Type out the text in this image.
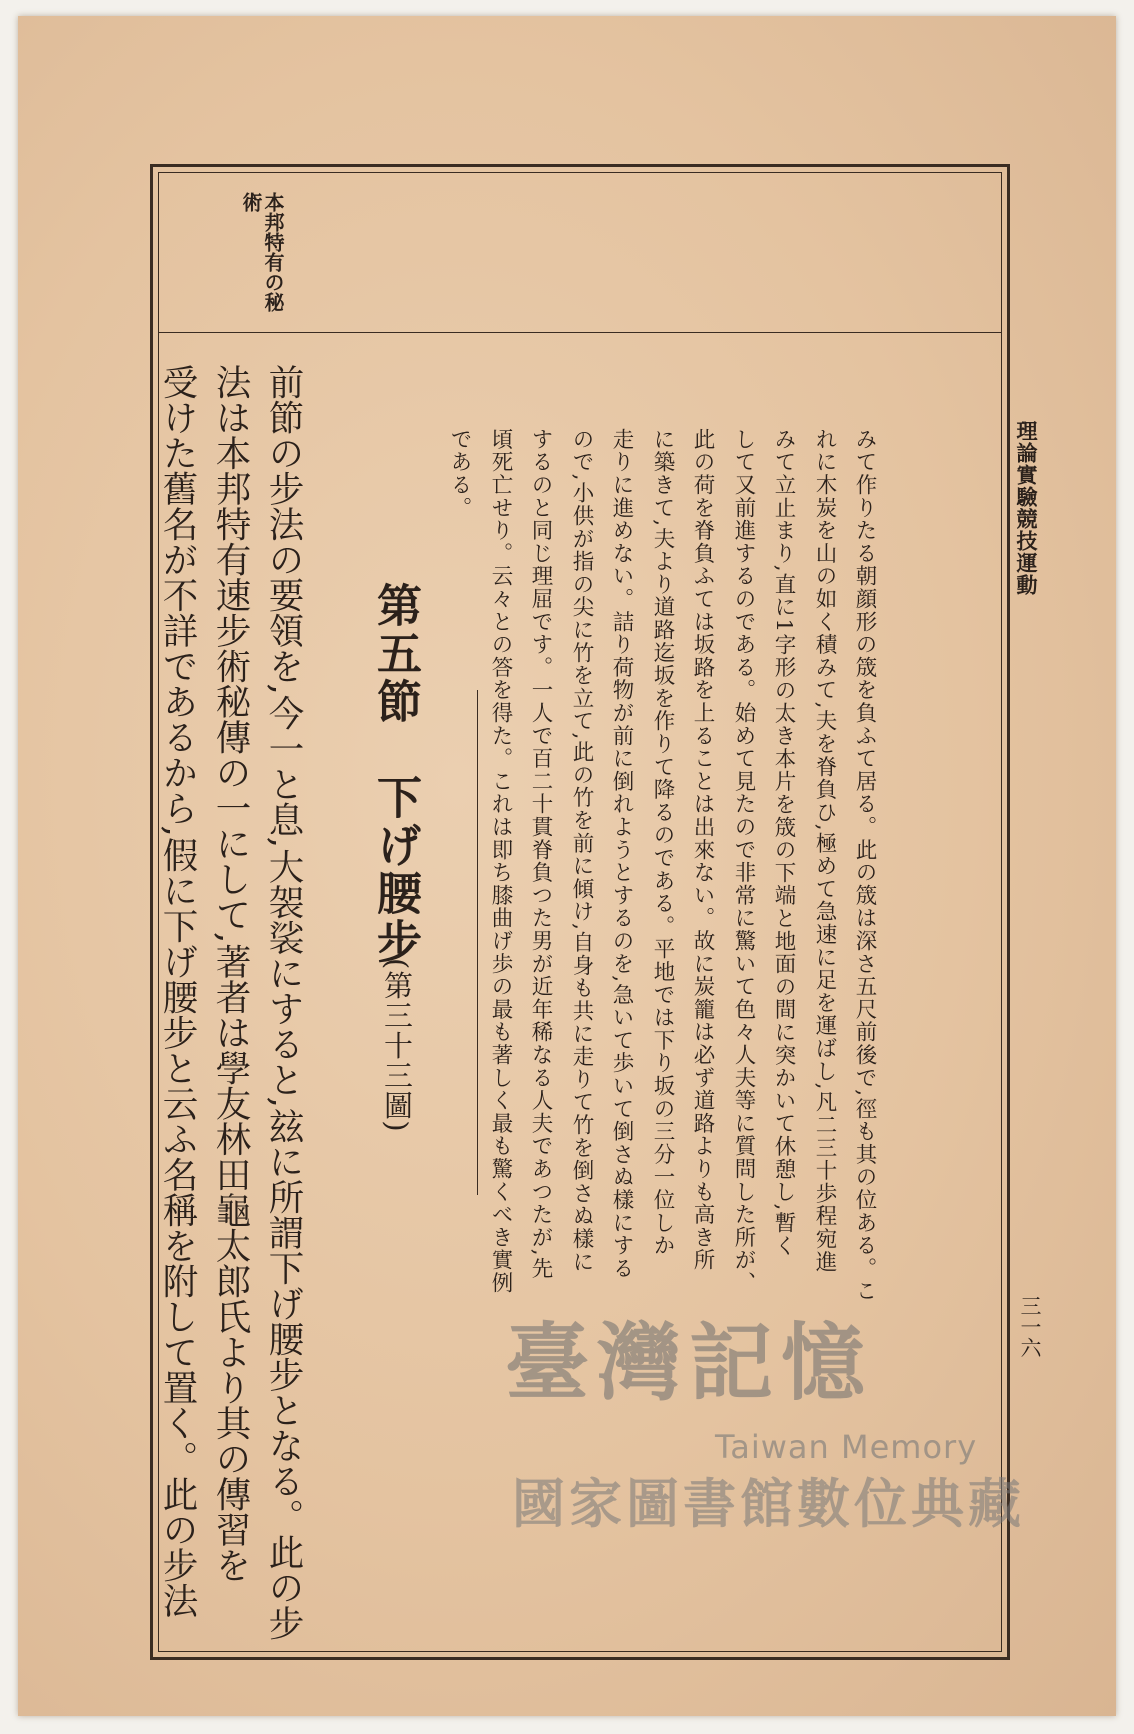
理論實驗競技運動

三一六

本邦特有の秘術

みて作りたる朝顔形の筬を負ふて居る。此の筬は深さ五尺前後で,徑も其の位ある。こ

れに木炭を山の如く積みて,夫を脊負ひ,極めて急速に足を運ばし,凡二三十歩程宛進

みて立止まり,直に1字形の太き本片を筬の下端と地面の間に突かいて休憩し,暫く

して又前進するのである。始めて見たので非常に驚いて色々人夫等に質問した所が、

此の荷を脊負ふては坂路を上ることは出來ない。故に炭籠は必ず道路よりも高き所

に築きて,夫より道路迄坂を作りて降るのである。平地では下り坂の三分一位しか

走りに進めない。詰り荷物が前に倒れようとするのを,急いて歩いて倒さぬ樣にする

ので,小供が指の尖に竹を立て,此の竹を前に傾け,自身も共に走りて竹を倒さぬ樣に

するのと同じ理屈です。一人で百二十貫脊負つた男が近年稀なる人夫であつたが,先

頃死亡せり。云々との答を得た。これは即ち膝曲げ歩の最も著しく最も驚くべき實例

である。

第五節　下げ腰步

(第三十三圖)

前節の步法の要領を,今一と息,大袈裟にすると,玆に所謂下げ腰步となる。此の步

法は本邦特有速步術秘傳の一にして,著者は學友林田龜太郎氏より其の傳習を

受けた舊名が不詳であるから,假に下げ腰步と云ふ名稱を附して置く。此の步法	臺灣記憶
Taiwan Memory
國家圖書館數位典藏
